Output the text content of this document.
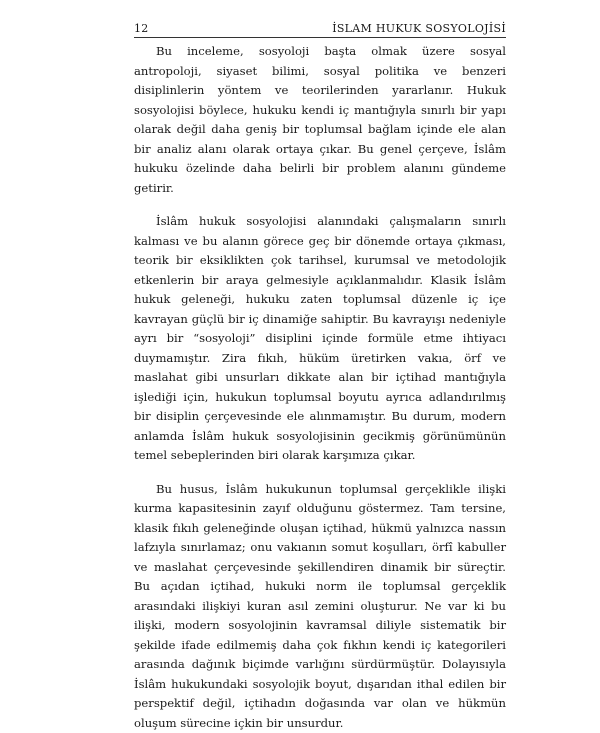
12	İSLAM HUKUK SOSYOLOJİSİ

Bu inceleme, sosyoloji başta olmak üzere sosyal antropoloji, siyaset bilimi, sosyal politika ve benzeri disiplinlerin yöntem ve teorilerinden yararlanır. Hukuk sosyolojisi böylece, hukuku kendi iç mantığıyla sınırlı bir yapı olarak değil daha geniş bir toplumsal bağlam içinde ele alan bir analiz alanı olarak ortaya çıkar. Bu genel çerçeve, İslâm hukuku özelinde daha belirli bir problem alanını gündeme getirir.

İslâm hukuk sosyolojisi alanındaki çalışmaların sınırlı kalması ve bu alanın görece geç bir dönemde ortaya çıkması, teorik bir eksiklikten çok tarihsel, kurumsal ve metodolojik etkenlerin bir araya gelmesiyle açıklanmalıdır. Klasik İslâm hukuk geleneği, hukuku zaten toplumsal düzenle iç içe kavrayan güçlü bir iç dinamiğe sahiptir. Bu kavrayışı nedeniyle ayrı bir “sosyoloji” disiplini içinde formüle etme ihtiyacı duymamıştır. Zira fıkıh, hüküm üretirken vakıa, örf ve maslahat gibi unsurları dikkate alan bir içtihad mantığıyla işlediği için, hukukun toplumsal boyutu ayrıca adlandırılmış bir disiplin çerçevesinde ele alınmamıştır. Bu durum, modern anlamda İslâm hukuk sosyolojisinin gecikmiş görünümünün temel sebeplerinden biri olarak karşımıza çıkar.

Bu husus, İslâm hukukunun toplumsal gerçeklikle ilişki kurma kapasitesinin zayıf olduğunu göstermez. Tam tersine, klasik fıkıh geleneğinde oluşan içtihad, hükmü yalnızca nassın lafzıyla sınırlamaz; onu vakıanın somut koşulları, örfî kabuller ve maslahat çerçevesinde şekillendiren dinamik bir süreçtir. Bu açıdan içtihad, hukuki norm ile toplumsal gerçeklik arasındaki ilişkiyi kuran asıl zemini oluşturur. Ne var ki bu ilişki, modern sosyolojinin kavramsal diliyle sistematik bir şekilde ifade edilmemiş daha çok fıkhın kendi iç kategorileri arasında dağınık biçimde varlığını sürdürmüştür. Dolayısıyla İslâm hukukundaki sosyolojik boyut, dışarıdan ithal edilen bir perspektif değil, içtihadın doğasında var olan ve hükmün oluşum sürecine içkin bir unsurdur.
